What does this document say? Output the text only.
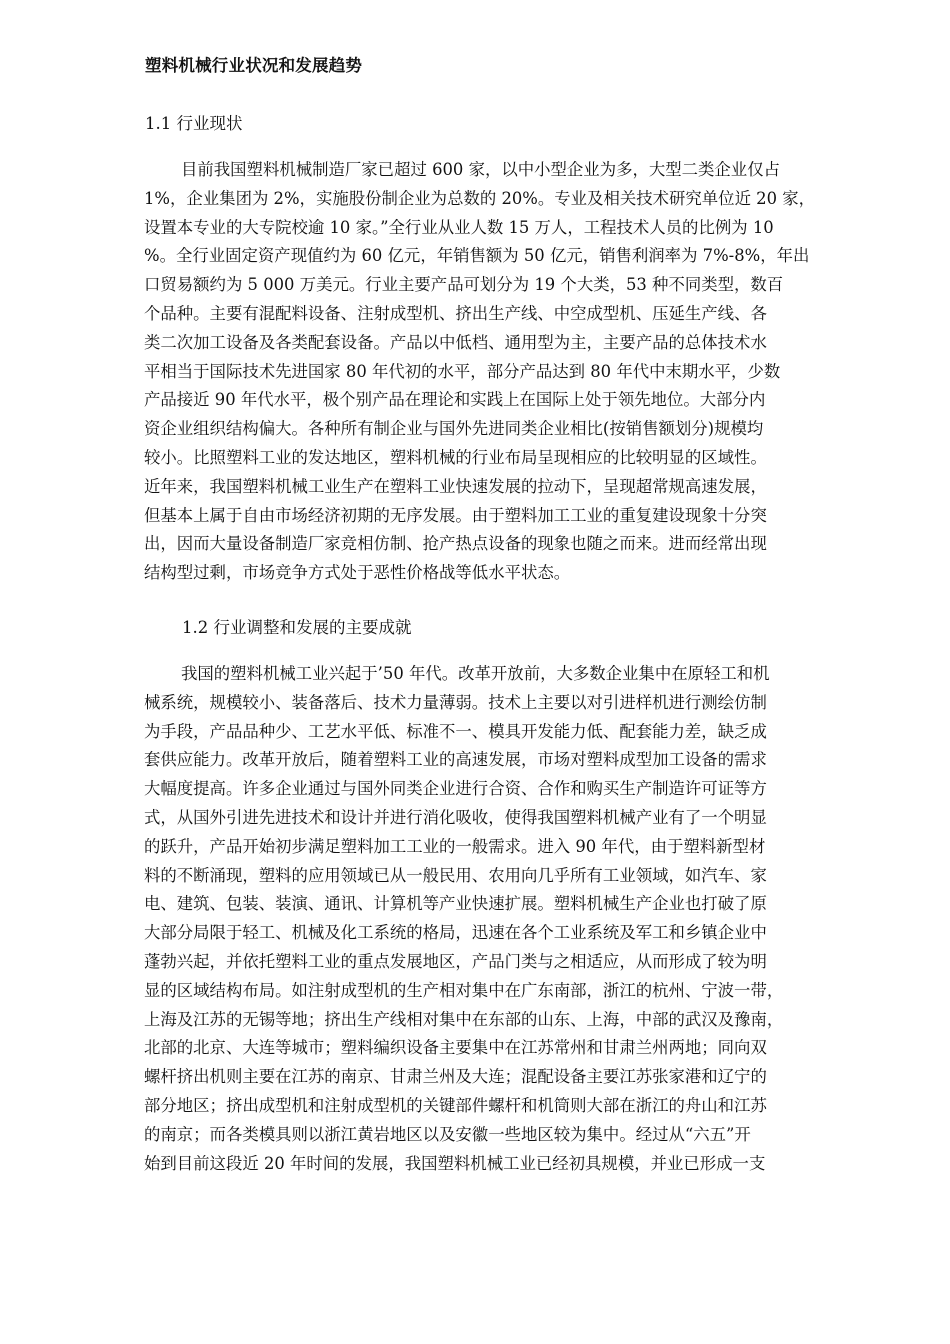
塑料机械行业状况和发展趋势
1.1 行业现状
目前我国塑料机械制造厂家已超过 600 家，以中小型企业为多，大型二类企业仅占
1%，企业集团为 2%，实施股份制企业为总数的 20%。专业及相关技术研究单位近 20 家，
设置本专业的大专院校逾 10 家。”全行业从业人数 15 万人，工程技术人员的比例为 10
%。全行业固定资产现值约为 60 亿元，年销售额为 50 亿元，销售利润率为 7%-8%，年出
口贸易额约为 5 000 万美元。行业主要产品可划分为 19 个大类，53 种不同类型，数百
个品种。主要有混配料设备、注射成型机、挤出生产线、中空成型机、压延生产线、各
类二次加工设备及各类配套设备。产品以中低档、通用型为主，主要产品的总体技术水
平相当于国际技术先进国家 80 年代初的水平，部分产品达到 80 年代中末期水平，少数
产品接近 90 年代水平，极个别产品在理论和实践上在国际上处于领先地位。大部分内
资企业组织结构偏大。各种所有制企业与国外先进同类企业相比(按销售额划分)规模均
较小。比照塑料工业的发达地区，塑料机械的行业布局呈现相应的比较明显的区域性。
近年来，我国塑料机械工业生产在塑料工业快速发展的拉动下，呈现超常规高速发展，
但基本上属于自由市场经济初期的无序发展。由于塑料加工工业的重复建设现象十分突
出，因而大量设备制造厂家竞相仿制、抢产热点设备的现象也随之而来。进而经常出现
结构型过剩，市场竞争方式处于恶性价格战等低水平状态。
1.2 行业调整和发展的主要成就
我国的塑料机械工业兴起于’50 年代。改革开放前，大多数企业集中在原轻工和机
械系统，规模较小、装备落后、技术力量薄弱。技术上主要以对引进样机进行测绘仿制
为手段，产品品种少、工艺水平低、标准不一、模具开发能力低、配套能力差，缺乏成
套供应能力。改革开放后，随着塑料工业的高速发展，市场对塑料成型加工设备的需求
大幅度提高。许多企业通过与国外同类企业进行合资、合作和购买生产制造许可证等方
式，从国外引进先进技术和设计并进行消化吸收，使得我国塑料机械产业有了一个明显
的跃升，产品开始初步满足塑料加工工业的一般需求。进入 90 年代，由于塑料新型材
料的不断涌现，塑料的应用领域已从一般民用、农用向几乎所有工业领域，如汽车、家
电、建筑、包装、装演、通讯、计算机等产业快速扩展。塑料机械生产企业也打破了原
大部分局限于轻工、机械及化工系统的格局，迅速在各个工业系统及军工和乡镇企业中
蓬勃兴起，并依托塑料工业的重点发展地区，产品门类与之相适应，从而形成了较为明
显的区域结构布局。如注射成型机的生产相对集中在广东南部，浙江的杭州、宁波一带，
上海及江苏的无锡等地；挤出生产线相对集中在东部的山东、上海，中部的武汉及豫南，
北部的北京、大连等城市；塑料编织设备主要集中在江苏常州和甘肃兰州两地；同向双
螺杆挤出机则主要在江苏的南京、甘肃兰州及大连；混配设备主要江苏张家港和辽宁的
部分地区；挤出成型机和注射成型机的关键部件螺杆和机筒则大部在浙江的舟山和江苏
的南京；而各类模具则以浙江黄岩地区以及安徽一些地区较为集中。经过从“六五”开
始到目前这段近 20 年时间的发展，我国塑料机械工业已经初具规模，并业已形成一支
